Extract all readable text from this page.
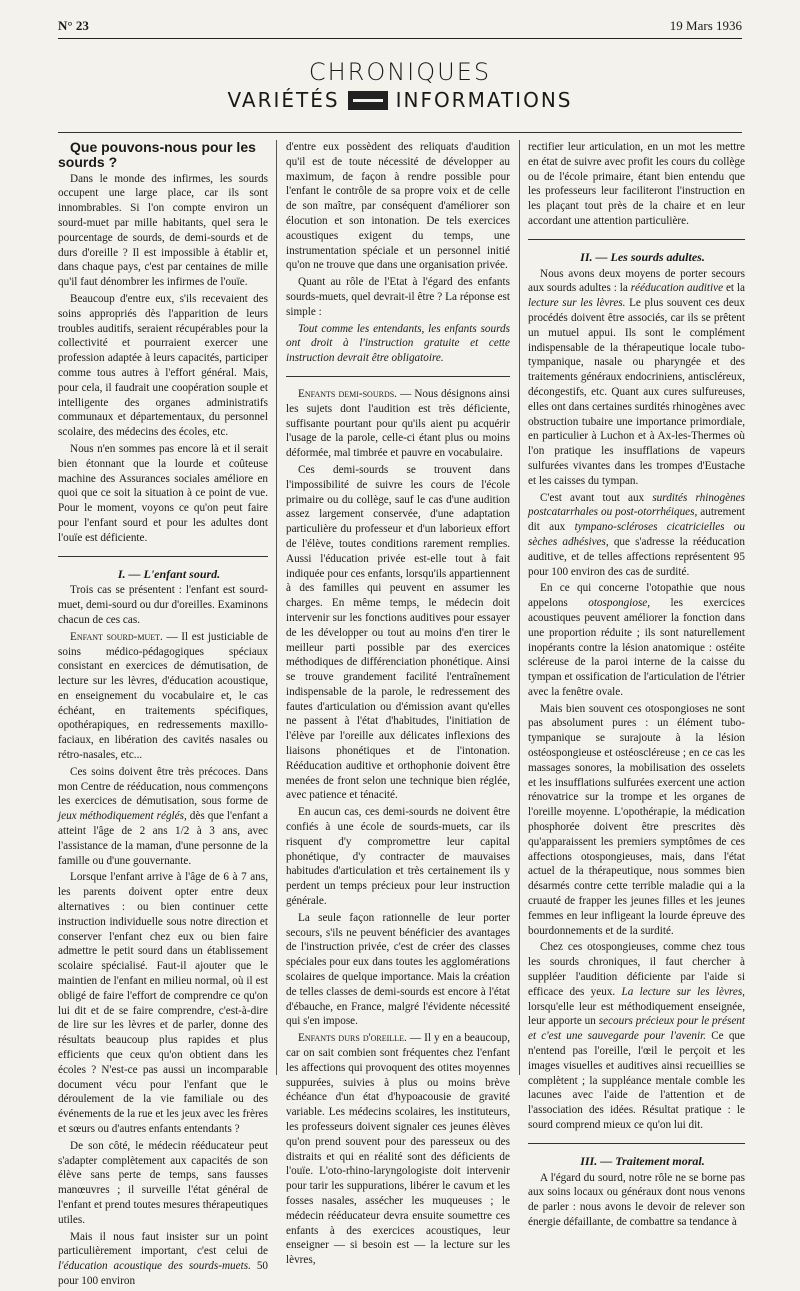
N° 23	19 Mars 1936
CHRONIQUES
VARIÉTÉS	INFORMATIONS

Que pouvons-nous pour les sourds ?

Dans le monde des infirmes, les sourds occupent une large place, car ils sont innombrables. Si l'on compte environ un sourd-muet par mille habitants, quel sera le pourcentage de sourds, de demi-sourds et de durs d'oreille ? Il est impossible à établir et, dans chaque pays, c'est par centaines de mille qu'il faut dénombrer les infirmes de l'ouïe.

Beaucoup d'entre eux, s'ils recevaient des soins appropriés dès l'apparition de leurs troubles auditifs, seraient récupérables pour la collectivité et pourraient exercer une profession adaptée à leurs capacités, participer comme tous autres à l'effort général. Mais, pour cela, il faudrait une coopération souple et intelligente des organes administratifs communaux et départementaux, du personnel scolaire, des médecins des écoles, etc.

Nous n'en sommes pas encore là et il serait bien étonnant que la lourde et coûteuse machine des Assurances sociales améliore en quoi que ce soit la situation à ce point de vue. Pour le moment, voyons ce qu'on peut faire pour l'enfant sourd et pour les adultes dont l'ouïe est déficiente.

I. — L'enfant sourd.

Trois cas se présentent : l'enfant est sourd-muet, demi-sourd ou dur d'oreilles. Examinons chacun de ces cas.

Enfant sourd-muet. — Il est justiciable de soins médico-pédagogiques spéciaux consistant en exercices de démutisation, de lecture sur les lèvres, d'éducation acoustique, en enseignement du vocabulaire et, le cas échéant, en traitements spécifiques, opothérapiques, en redressements maxillo-faciaux, en libération des cavités nasales ou rétro-nasales, etc...

Ces soins doivent être très précoces. Dans mon Centre de rééducation, nous commençons les exercices de démutisation, sous forme de jeux méthodiquement réglés, dès que l'enfant a atteint l'âge de 2 ans 1/2 à 3 ans, avec l'assistance de la maman, d'une personne de la famille ou d'une gouvernante.

Lorsque l'enfant arrive à l'âge de 6 à 7 ans, les parents doivent opter entre deux alternatives : ou bien continuer cette instruction individuelle sous notre direction et conserver l'enfant chez eux ou bien faire admettre le petit sourd dans un établissement scolaire spécialisé. Faut-il ajouter que le maintien de l'enfant en milieu normal, où il est obligé de faire l'effort de comprendre ce qu'on lui dit et de se faire comprendre, c'est-à-dire de lire sur les lèvres et de parler, donne des résultats beaucoup plus rapides et plus efficients que ceux qu'on obtient dans les écoles ? N'est-ce pas aussi un incomparable document vécu pour l'enfant que le déroulement de la vie familiale ou des événements de la rue et les jeux avec les frères et sœurs ou d'autres enfants entendants ?

De son côté, le médecin rééducateur peut s'adapter complètement aux capacités de son élève sans perte de temps, sans fausses manœuvres ; il surveille l'état général de l'enfant et prend toutes mesures thérapeutiques utiles.

Mais il nous faut insister sur un point particulièrement important, c'est celui de l'éducation acoustique des sourds-muets. 50 pour 100 environ

d'entre eux possèdent des reliquats d'audition qu'il est de toute nécessité de développer au maximum, de façon à rendre possible pour l'enfant le contrôle de sa propre voix et de celle de son maître, par conséquent d'améliorer son élocution et son intonation. De tels exercices acoustiques exigent du temps, une instrumentation spéciale et un personnel initié qu'on ne trouve que dans une organisation privée.

Quant au rôle de l'Etat à l'égard des enfants sourds-muets, quel devrait-il être ? La réponse est simple :

Tout comme les entendants, les enfants sourds ont droit à l'instruction gratuite et cette instruction devrait être obligatoire.

Enfants demi-sourds. — Nous désignons ainsi les sujets dont l'audition est très déficiente, suffisante pourtant pour qu'ils aient pu acquérir l'usage de la parole, celle-ci étant plus ou moins déformée, mal timbrée et pauvre en vocabulaire.

Ces demi-sourds se trouvent dans l'impossibilité de suivre les cours de l'école primaire ou du collège, sauf le cas d'une audition assez largement conservée, d'une adaptation particulière du professeur et d'un laborieux effort de l'élève, toutes conditions rarement remplies. Aussi l'éducation privée est-elle tout à fait indiquée pour ces enfants, lorsqu'ils appartiennent à des familles qui peuvent en assumer les charges. En même temps, le médecin doit intervenir sur les fonctions auditives pour essayer de les développer ou tout au moins d'en tirer le meilleur parti possible par des exercices méthodiques de différenciation phonétique. Ainsi se trouve grandement facilité l'entraînement indispensable de la parole, le redressement des fautes d'articulation ou d'émission avant qu'elles ne passent à l'état d'habitudes, l'initiation de l'élève par l'oreille aux délicates inflexions des liaisons phonétiques et de l'intonation. Rééducation auditive et orthophonie doivent être menées de front selon une technique bien réglée, avec patience et ténacité.

En aucun cas, ces demi-sourds ne doivent être confiés à une école de sourds-muets, car ils risquent d'y compromettre leur capital phonétique, d'y contracter de mauvaises habitudes d'articulation et très certainement ils y perdent un temps précieux pour leur instruction générale.

La seule façon rationnelle de leur porter secours, s'ils ne peuvent bénéficier des avantages de l'instruction privée, c'est de créer des classes spéciales pour eux dans toutes les agglomérations scolaires de quelque importance. Mais la création de telles classes de demi-sourds est encore à l'état d'ébauche, en France, malgré l'évidente nécessité qui s'en impose.

Enfants durs d'oreille. — Il y en a beaucoup, car on sait combien sont fréquentes chez l'enfant les affections qui provoquent des otites moyennes suppurées, suivies à plus ou moins brève échéance d'un état d'hypoacousie de gravité variable. Les médecins scolaires, les instituteurs, les professeurs doivent signaler ces jeunes élèves qu'on prend souvent pour des paresseux ou des distraits et qui en réalité sont des déficients de l'ouïe. L'oto-rhino-laryngologiste doit intervenir pour tarir les suppurations, libérer le cavum et les fosses nasales, assécher les muqueuses ; le médecin rééducateur devra ensuite soumettre ces enfants à des exercices acoustiques, leur enseigner — si besoin est — la lecture sur les lèvres,

rectifier leur articulation, en un mot les mettre en état de suivre avec profit les cours du collège ou de l'école primaire, étant bien entendu que les professeurs leur faciliteront l'instruction en les plaçant tout près de la chaire et en leur accordant une attention particulière.

II. — Les sourds adultes.

Nous avons deux moyens de porter secours aux sourds adultes : la rééducation auditive et la lecture sur les lèvres. Le plus souvent ces deux procédés doivent être associés, car ils se prêtent un mutuel appui. Ils sont le complément indispensable de la thérapeutique locale tubo-tympanique, nasale ou pharyngée et des traitements généraux endocriniens, antiscléreux, décongestifs, etc. Quant aux cures sulfureuses, elles ont dans certaines surdités rhinogènes avec obstruction tubaire une importance primordiale, en particulier à Luchon et à Ax-les-Thermes où l'on pratique les insufflations de vapeurs sulfurées vivantes dans les trompes d'Eustache et les caisses du tympan.

C'est avant tout aux surdités rhinogènes postcatarrhales ou post-otorrhéiques, autrement dit aux tympano-scléroses cicatricielles ou sèches adhésives, que s'adresse la rééducation auditive, et de telles affections représentent 95 pour 100 environ des cas de surdité.

En ce qui concerne l'otopathie que nous appelons otospongiose, les exercices acoustiques peuvent améliorer la fonction dans une proportion réduite ; ils sont naturellement inopérants contre la lésion anatomique : ostéite scléreuse de la paroi interne de la caisse du tympan et ossification de l'articulation de l'étrier avec la fenêtre ovale.

Mais bien souvent ces otospongioses ne sont pas absolument pures : un élément tubo-tympanique se surajoute à la lésion ostéospongieuse et ostéoscléreuse ; en ce cas les massages sonores, la mobilisation des osselets et les insufflations sulfurées exercent une action rénovatrice sur la trompe et les organes de l'oreille moyenne. L'opothérapie, la médication phosphorée doivent être prescrites dès qu'apparaissent les premiers symptômes de ces affections otospongieuses, mais, dans l'état actuel de la thérapeutique, nous sommes bien désarmés contre cette terrible maladie qui a la cruauté de frapper les jeunes filles et les jeunes femmes en leur infligeant la lourde épreuve des bourdonnements et de la surdité.

Chez ces otospongieuses, comme chez tous les sourds chroniques, il faut chercher à suppléer l'audition déficiente par l'aide si efficace des yeux. La lecture sur les lèvres, lorsqu'elle leur est méthodiquement enseignée, leur apporte un secours précieux pour le présent et c'est une sauvegarde pour l'avenir. Ce que n'entend pas l'oreille, l'œil le perçoit et les images visuelles et auditives ainsi recueillies se complètent ; la suppléance mentale comble les lacunes avec l'aide de l'attention et de l'association des idées. Résultat pratique : le sourd comprend mieux ce qu'on lui dit.

III. — Traitement moral.

A l'égard du sourd, notre rôle ne se borne pas aux soins locaux ou généraux dont nous venons de parler : nous avons le devoir de relever son énergie défaillante, de combattre sa tendance à
